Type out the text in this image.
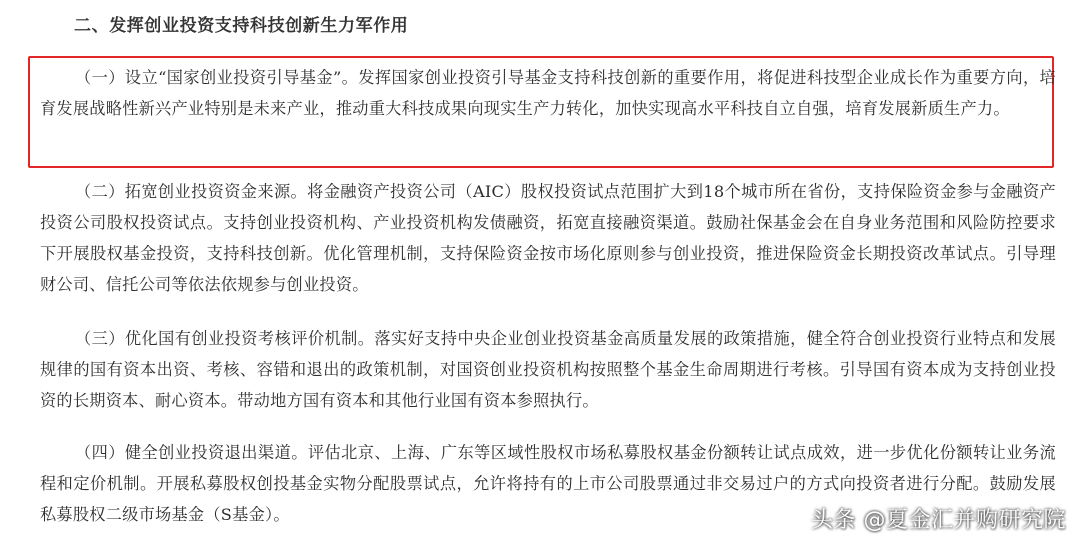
二、发挥创业投资支持科技创新生力军作用

（一）设立“国家创业投资引导基金”。发挥国家创业投资引导基金支持科技创新的重要作用，将促进科技型企业成长作为重要方向，培育发展战略性新兴产业特别是未来产业，推动重大科技成果向现实生产力转化，加快实现高水平科技自立自强，培育发展新质生产力。

（二）拓宽创业投资资金来源。将金融资产投资公司（AIC）股权投资试点范围扩大到18个城市所在省份，支持保险资金参与金融资产投资公司股权投资试点。支持创业投资机构、产业投资机构发债融资，拓宽直接融资渠道。鼓励社保基金会在自身业务范围和风险防控要求下开展股权基金投资，支持科技创新。优化管理机制，支持保险资金按市场化原则参与创业投资，推进保险资金长期投资改革试点。引导理财公司、信托公司等依法依规参与创业投资。

（三）优化国有创业投资考核评价机制。落实好支持中央企业创业投资基金高质量发展的政策措施，健全符合创业投资行业特点和发展规律的国有资本出资、考核、容错和退出的政策机制，对国资创业投资机构按照整个基金生命周期进行考核。引导国有资本成为支持创业投资的长期资本、耐心资本。带动地方国有资本和其他行业国有资本参照执行。

（四）健全创业投资退出渠道。评估北京、上海、广东等区域性股权市场私募股权基金份额转让试点成效，进一步优化份额转让业务流程和定价机制。开展私募股权创投基金实物分配股票试点，允许将持有的上市公司股票通过非交易过户的方式向投资者进行分配。鼓励发展私募股权二级市场基金（S基金）。	头条 @夏金汇并购研究院
